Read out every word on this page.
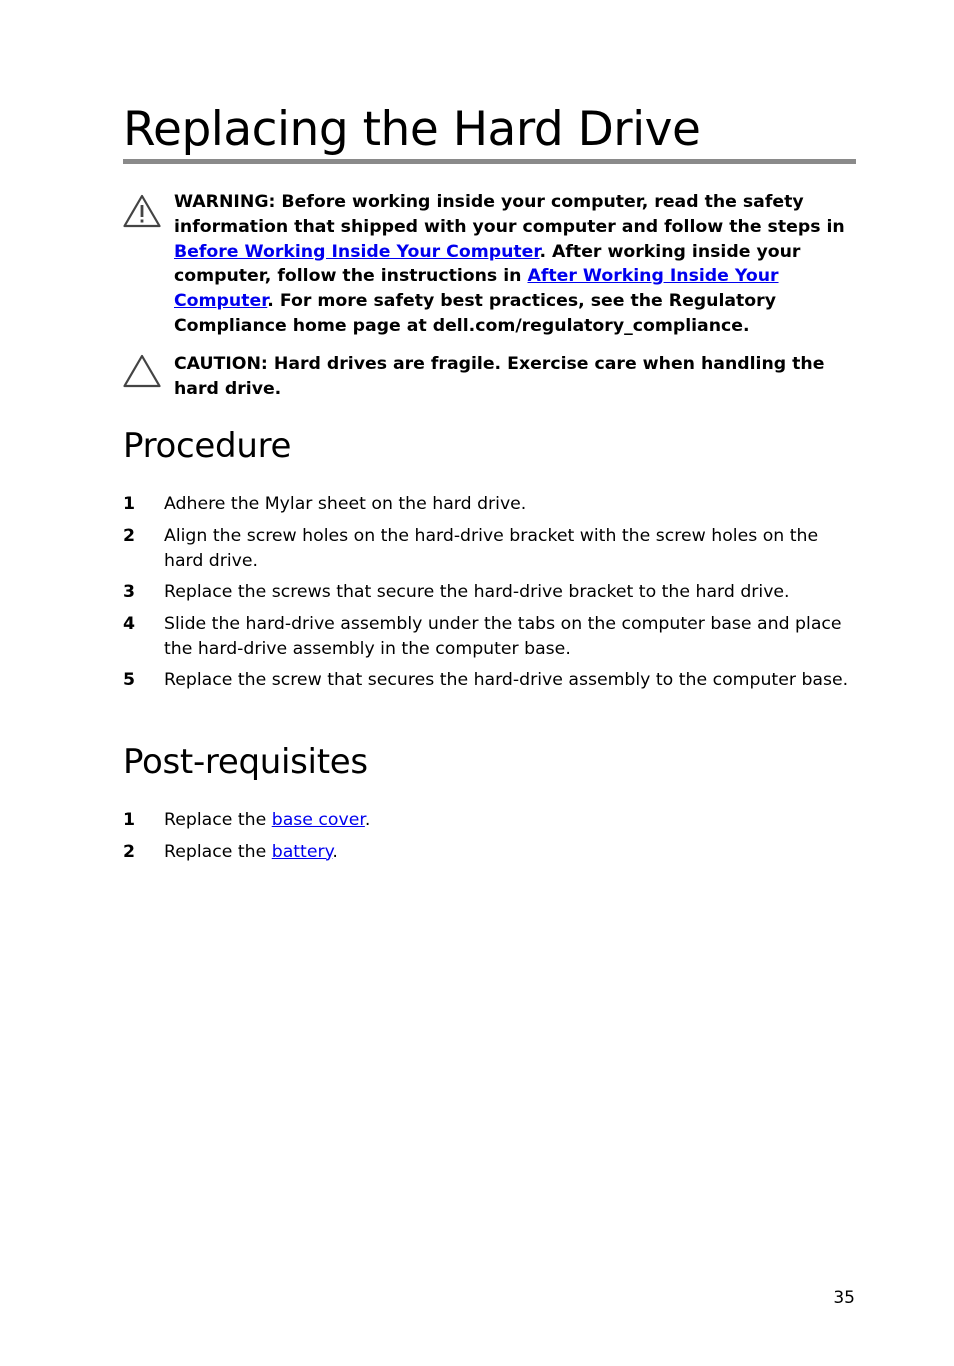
Replacing the Hard Drive

WARNING: Before working inside your computer, read the safety information that shipped with your computer and follow the steps in Before Working Inside Your Computer. After working inside your computer, follow the instructions in After Working Inside Your Computer. For more safety best practices, see the Regulatory Compliance home page at dell.com/regulatory_compliance.

CAUTION: Hard drives are fragile. Exercise care when handling the hard drive.

Procedure
1 Adhere the Mylar sheet on the hard drive.
2 Align the screw holes on the hard-drive bracket with the screw holes on the hard drive.
3 Replace the screws that secure the hard-drive bracket to the hard drive.
4 Slide the hard-drive assembly under the tabs on the computer base and place the hard-drive assembly in the computer base.
5 Replace the screw that secures the hard-drive assembly to the computer base.
Post-requisites
1 Replace the base cover.
2 Replace the battery.
35
